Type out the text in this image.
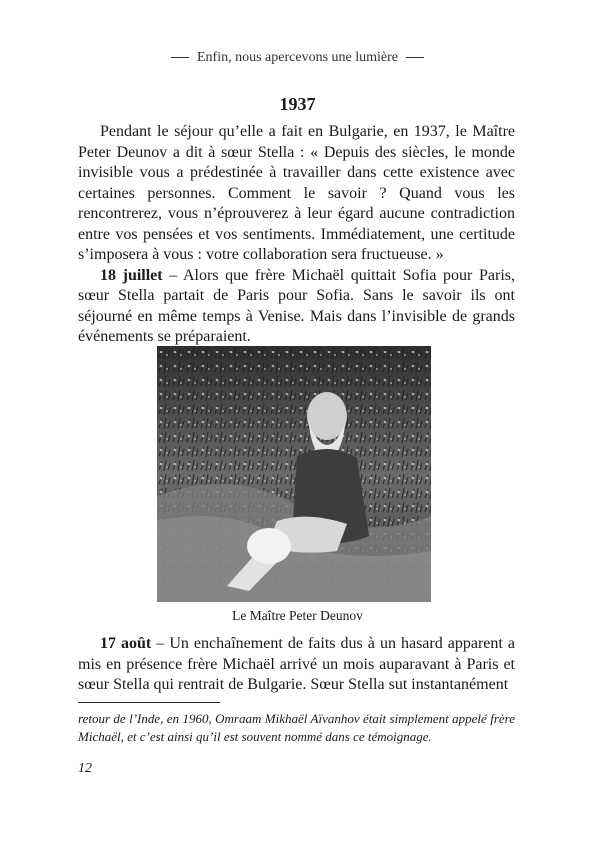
Enfin, nous apercevons une lumière
1937

Pendant le séjour qu’elle a fait en Bulgarie, en 1937, le Maître Peter Deunov a dit à sœur Stella : « Depuis des siècles, le monde invisible vous a prédestinée à travailler dans cette existence avec certaines personnes. Comment le savoir ? Quand vous les rencontrerez, vous n’éprouverez à leur égard aucune contradiction entre vos pensées et vos sentiments. Immédiatement, une certitude s’imposera à vous : votre collaboration sera fructueuse. »

18 juillet – Alors que frère Michaël quittait Sofia pour Paris, sœur Stella partait de Paris pour Sofia. Sans le savoir ils ont séjourné en même temps à Venise. Mais dans l’invisible de grands événements se préparaient.

Le Maître Peter Deunov

17 août – Un enchaînement de faits dus à un hasard apparent a mis en présence frère Michaël arrivé un mois auparavant à Paris et sœur Stella qui rentrait de Bulgarie. Sœur Stella sut instantanément

retour de l’Inde, en 1960, Omraam Mikhaël Aïvanhov était simplement appelé frère Michaël, et c’est ainsi qu’il est souvent nommé dans ce témoignage.
12
